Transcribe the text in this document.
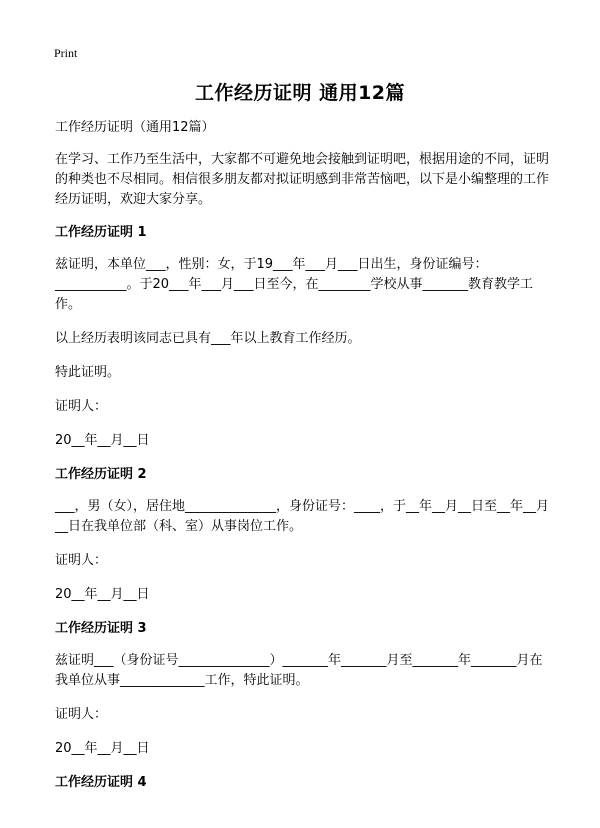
Print
工作经历证明 通用12篇

工作经历证明（通用12篇）

在学习、工作乃至生活中，大家都不可避免地会接触到证明吧，根据用途的不同，证明的种类也不尽相同。相信很多朋友都对拟证明感到非常苦恼吧，以下是小编整理的工作经历证明，欢迎大家分享。

工作经历证明 1

兹证明，本单位___，性别：女，于19___年___月___日出生，身份证编号：___________。于20___年___月___日至今，在________学校从事_______教育教学工作。

以上经历表明该同志已具有___年以上教育工作经历。

特此证明。

证明人：

20__年__月__日

工作经历证明 2

___，男（女），居住地______________，身份证号：____，于__年__月__日至__年__月__日在我单位部（科、室）从事岗位工作。

证明人：

20__年__月__日

工作经历证明 3

兹证明___（身份证号______________）_______年_______月至_______年_______月在我单位从事_____________工作，特此证明。

证明人：

20__年__月__日

工作经历证明 4
